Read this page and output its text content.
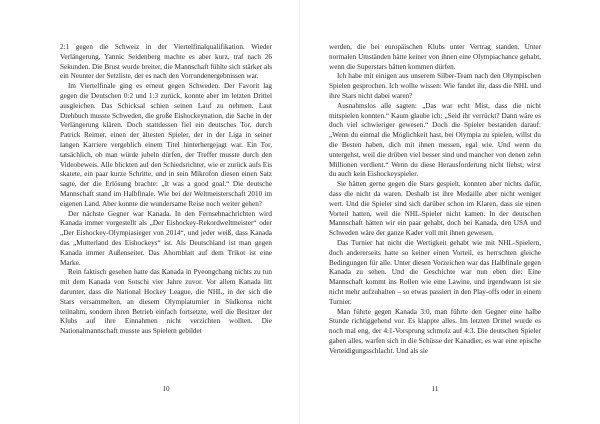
2:1 gegen die Schweiz in der Viertelfinalqualifikation. Wieder Verlängerung, Yannic Seidenberg machte es aber kurz, traf nach 26 Sekunden. Die Brust wurde breiter, die Mannschaft fühlte sich stärker als ein Neunter der Setzliste, der es nach den Vorrundenergebnissen war.

Im Viertelfinale ging es erneut gegen Schweden. Der Favorit lag gegen die Deutschen 0:2 und 1:3 zurück, konnte aber im letzten Drittel ausgleichen. Das Schicksal schien seinen Lauf zu nehmen. Laut Drehbuch musste Schweden, die große Eishockeynation, die Sache in der Verlängerung klären. Doch stattdessen fiel ein deutsches Tor, durch Patrick Reimer, einen der ältesten Spieler, der in der Liga in seiner langen Karriere vergeblich einem Titel hinterhergejagt war. Ein Tor, tatsächlich, ob man würde jubeln dürfen, der Treffer musste durch den Videobeweis. Alle blickten auf den Schiedsrichter, wie er zurück aufs Eis skatete, ein paar kurze Schritte, und in sein Mikrofon diesen einen Satz sagte, der die Erlösung brachte: „It was a good goal.“ Die deutsche Mannschaft stand im Halbfinale. Wie bei der Weltmeisterschaft 2010 im eigenen Land. Aber konnte die wundersame Reise noch weiter gehen?

Der nächste Gegner war Kanada. In den Fernsehnachrichten wird Kanada immer vorgestellt als „Der Eishockey-Rekordweltmeister“ oder „Der Eishockey-Olympiasieger von 2014“, und jeder weiß, dass Kanada das „Mutterland des Eishockeys“ ist. Als Deutschland ist man gegen Kanada immer Außenseiter. Das Ahornblatt auf dem Trikot ist eine Marke.

Rein faktisch gesehen hatte das Kanada in Pyeongchang nichts zu tun mit dem Kanada von Sotschi vier Jahre zuvor. Vor allem Kanada litt darunter, dass die National Hockey League, die NHL, in der sich die Stars versammelten, an diesem Olympiaturnier in Südkorea nicht teilnahm, sondern ihren Betrieb einfach fortsetzte, weil die Besitzer der Klubs auf ihre Einnahmen nicht verzichten wollten. Die Nationalmannschaft musste aus Spielern gebildet

10

werden, die bei europäischen Klubs unter Vertrag standen. Unter normalen Umständen hätte keiner von ihnen eine Olympiachance gehabt, wenn die Superstars hätten kommen dürfen.

Ich habe mit einigen aus unserem Silber-Team nach den Olympischen Spielen gesprochen. Ich wollte wissen: Wie fandet ihr, dass die NHL und ihre Stars nicht dabei waren?

Ausnahmslos alle sagten: „Das war echt Mist, dass die nicht mitspielen konnten.“ Kaum glaube ich: „Seid ihr verrückt? Dann wäre es doch viel schwieriger gewesen.“ Doch die Spieler bestanden darauf: „Wenn du einmal die Möglichkeit hast, bei Olympia zu spielen, willst du die Besten haben, dich mit ihnen messen, egal wie. Und wenn du untergehst, weil die drüben viel besser sind und mancher von denen zehn Millionen verdient.“ Wenn du diese Herausforderung nicht liebst, wirst du auch kein Eishockeyspieler.

Sie hätten gerne gegen die Stars gespielt, konnten aber nichts dafür, dass die nicht da waren. Deshalb ist ihre Medaille aber nicht weniger wert. Und die Spieler sind sich darüber schon im Klaren, dass sie einen Vorteil hatten, weil die NHL-Spieler nicht kamen. In der deutschen Mannschaft hätten wir ein paar gehabt, doch bei Kanada, den USA und Schweden wäre der ganze Kader voll mit ihnen gewesen.

Das Turnier hat nicht die Wertigkeit gehabt wie mit NHL-Spielern, doch andererseits hatte so keiner einen Vorteil, es herrschten gleiche Bedingungen für alle. Unter diesen Vorzeichen war das Halbfinale gegen Kanada zu sehen. Und die Geschichte war nun eben die: Eine Mannschaft kommt ins Rollen wie eine Lawine, und irgendwann ist sie nicht mehr aufzuhalten – so etwas passiert in den Play-offs oder in einem Turnier.

Man führte gegen Kanada 3:0, man führte den Gegner eine halbe Stunde richtiggehend vor. Es klappte alles. Im letzten Drittel wurde es noch mal eng, der 4:1-Vorsprung schmolz auf 4:3. Die deutschen Spieler gaben alles, warfen sich in die Schüsse der Kanadier, es war eine epische Verteidigungsschlacht. Und als sie

11
